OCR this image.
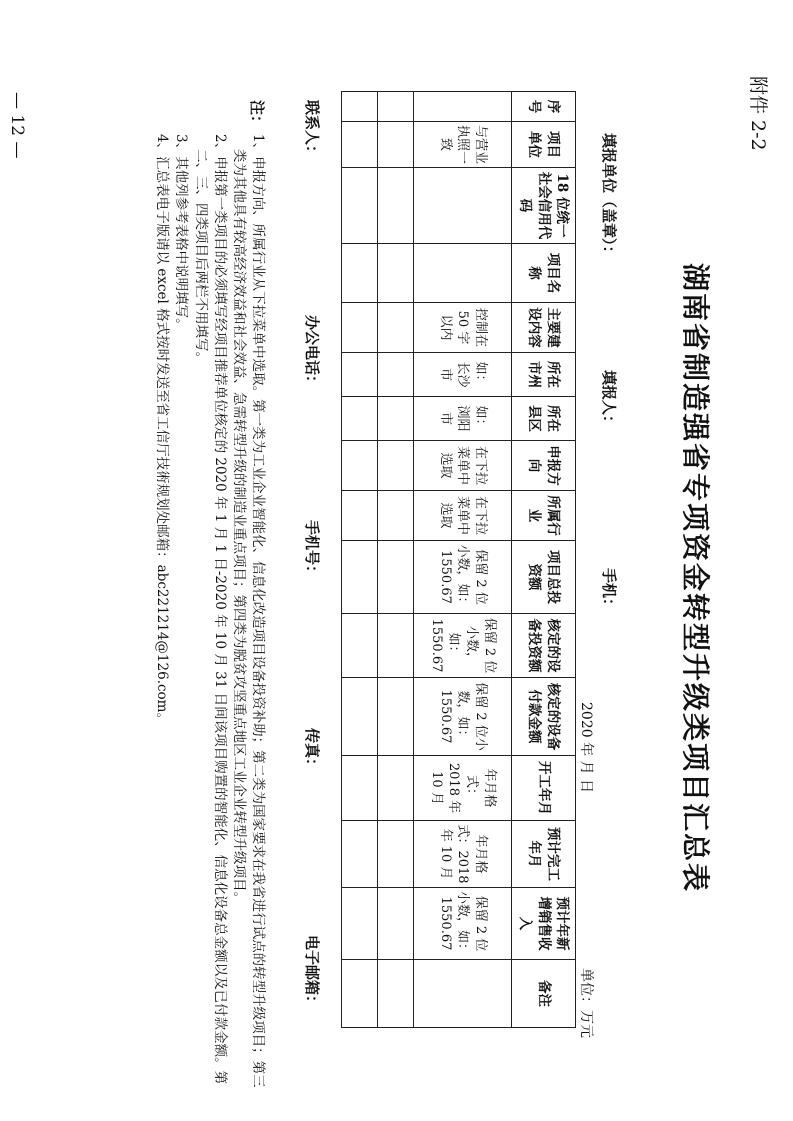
附件 2-2
湖南省制造强省专项资金转型升级类项目汇总表
填报单位（盖章）：
填报人：
手机：
2020 年 月 日
单位：万元
序号	项目单位	18 位统一社会信用代码	项目名称	主要建设内容	所在市州	所在县区	申报方向	所属行业	项目总投资额	核定的设备投资额	核定的设备付款金额	开工年月	预计完工年月	预计年新增销售收入	备注
	与营业执照一致			控制在 50 字以内	如：长沙市	如：浏阳市	在下拉菜单中选取	在下拉菜单中选取	保留 2 位小数，如：1550.67	保留 2 位小数，如：1550.67	保留 2 位小数，如：1550.67	年月格式：2018 年 10 月	年月格式：2018 年 10 月	保留 2 位小数，如：1550.67	

联系人：
办公电话：
手机号：
传真：
电子邮箱：
注：
1、申报方向、所属行业从下拉菜单中选取。第一类为工业企业智能化、信息化改造项目设备投资补助；第二类为国家要求在我省进行试点的转型升级项目；第三类为其他具有较高经济效益和社会效益、急需转型升级的制造业重点项目；第四类为脱贫攻坚重点地区工业企业转型升级项目。
2、申报第一类项目的必须填写经项目推荐单位核定的 2020 年 1 月 1 日-2020 年 10 月 31 日间该项目购置的智能化、信息化设备总金额以及已付款金额。第二、三、四类项目后两栏不用填写。
3、其他列参考表格中说明填写。
4、汇总表电子版请以 excel 格式按时发送至省工信厅技術规划处邮箱：abc221214@126.com。
— 12 —
